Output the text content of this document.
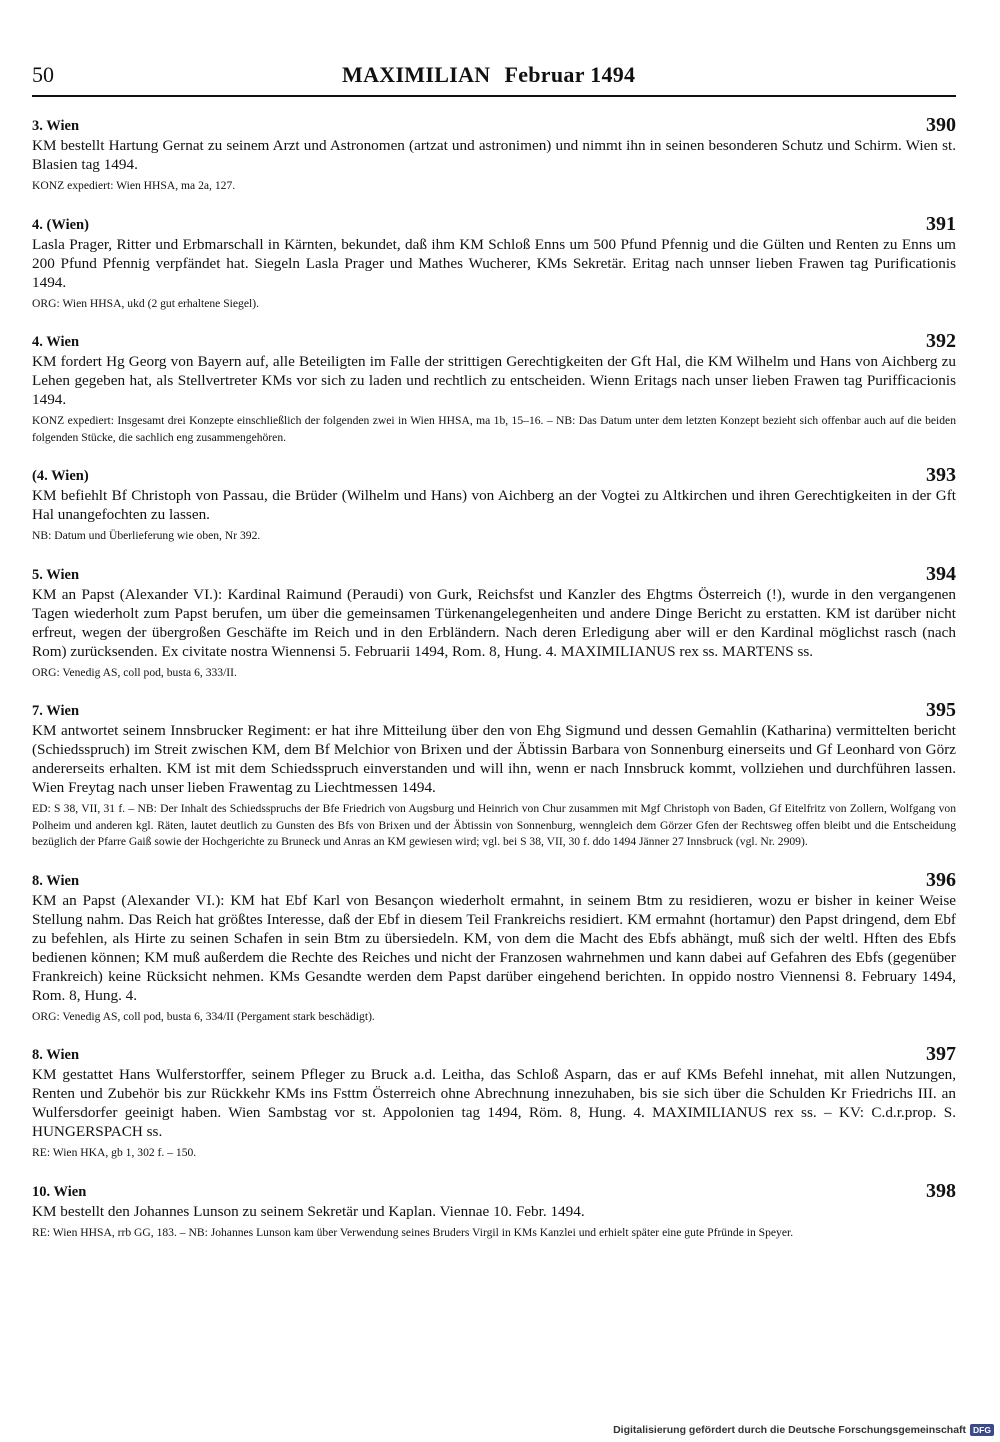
50	MAXIMILIAN Februar 1494
3. Wien	390

KM bestellt Hartung Gernat zu seinem Arzt und Astronomen (artzat und astronimen) und nimmt ihn in seinen besonderen Schutz und Schirm. Wien st. Blasien tag 1494.

KONZ expediert: Wien HHSA, ma 2a, 127.

4. (Wien)	391

Lasla Prager, Ritter und Erbmarschall in Kärnten, bekundet, daß ihm KM Schloß Enns um 500 Pfund Pfennig und die Gülten und Renten zu Enns um 200 Pfund Pfennig verpfändet hat. Siegeln Lasla Prager und Mathes Wucherer, KMs Sekretär. Eritag nach unnser lieben Frawen tag Purificationis 1494.

ORG: Wien HHSA, ukd (2 gut erhaltene Siegel).

4. Wien	392

KM fordert Hg Georg von Bayern auf, alle Beteiligten im Falle der strittigen Gerechtigkeiten der Gft Hal, die KM Wilhelm und Hans von Aichberg zu Lehen gegeben hat, als Stellvertreter KMs vor sich zu laden und rechtlich zu entscheiden. Wienn Eritags nach unser lieben Frawen tag Purifficacionis 1494.

KONZ expediert: Insgesamt drei Konzepte einschließlich der folgenden zwei in Wien HHSA, ma 1b, 15–16. – NB: Das Datum unter dem letzten Konzept bezieht sich offenbar auch auf die beiden folgenden Stücke, die sachlich eng zusammengehören.

(4. Wien)	393

KM befiehlt Bf Christoph von Passau, die Brüder (Wilhelm und Hans) von Aichberg an der Vogtei zu Altkirchen und ihren Gerechtigkeiten in der Gft Hal unangefochten zu lassen.

NB: Datum und Überlieferung wie oben, Nr 392.

5. Wien	394

KM an Papst (Alexander VI.): Kardinal Raimund (Peraudi) von Gurk, Reichsfst und Kanzler des Ehgtms Österreich (!), wurde in den vergangenen Tagen wiederholt zum Papst berufen, um über die gemeinsamen Türkenangelegenheiten und andere Dinge Bericht zu erstatten. KM ist darüber nicht erfreut, wegen der übergroßen Geschäfte im Reich und in den Erbländern. Nach deren Erledigung aber will er den Kardinal möglichst rasch (nach Rom) zurücksenden. Ex civitate nostra Wiennensi 5. Februarii 1494, Rom. 8, Hung. 4. MAXIMILIANUS rex ss. MARTENS ss.

ORG: Venedig AS, coll pod, busta 6, 333/II.

7. Wien	395

KM antwortet seinem Innsbrucker Regiment: er hat ihre Mitteilung über den von Ehg Sigmund und dessen Gemahlin (Katharina) vermittelten bericht (Schiedsspruch) im Streit zwischen KM, dem Bf Melchior von Brixen und der Äbtissin Barbara von Sonnenburg einerseits und Gf Leonhard von Görz andererseits erhalten. KM ist mit dem Schiedsspruch einverstanden und will ihn, wenn er nach Innsbruck kommt, vollziehen und durchführen lassen. Wien Freytag nach unser lieben Frawentag zu Liechtmessen 1494.

ED: S 38, VII, 31 f. – NB: Der Inhalt des Schiedsspruchs der Bfe Friedrich von Augsburg und Heinrich von Chur zusammen mit Mgf Christoph von Baden, Gf Eitelfritz von Zollern, Wolfgang von Polheim und anderen kgl. Räten, lautet deutlich zu Gunsten des Bfs von Brixen und der Äbtissin von Sonnenburg, wenngleich dem Görzer Gfen der Rechtsweg offen bleibt und die Entscheidung bezüglich der Pfarre Gaiß sowie der Hochgerichte zu Bruneck und Anras an KM gewiesen wird; vgl. bei S 38, VII, 30 f. ddo 1494 Jänner 27 Innsbruck (vgl. Nr. 2909).

8. Wien	396

KM an Papst (Alexander VI.): KM hat Ebf Karl von Besançon wiederholt ermahnt, in seinem Btm zu residieren, wozu er bisher in keiner Weise Stellung nahm. Das Reich hat größtes Interesse, daß der Ebf in diesem Teil Frankreichs residiert. KM ermahnt (hortamur) den Papst dringend, dem Ebf zu befehlen, als Hirte zu seinen Schafen in sein Btm zu übersiedeln. KM, von dem die Macht des Ebfs abhängt, muß sich der weltl. Hften des Ebfs bedienen können; KM muß außerdem die Rechte des Reiches und nicht der Franzosen wahrnehmen und kann dabei auf Gefahren des Ebfs (gegenüber Frankreich) keine Rücksicht nehmen. KMs Gesandte werden dem Papst darüber eingehend berichten. In oppido nostro Viennensi 8. February 1494, Rom. 8, Hung. 4.

ORG: Venedig AS, coll pod, busta 6, 334/II (Pergament stark beschädigt).

8. Wien	397

KM gestattet Hans Wulferstorffer, seinem Pfleger zu Bruck a.d. Leitha, das Schloß Asparn, das er auf KMs Befehl innehat, mit allen Nutzungen, Renten und Zubehör bis zur Rückkehr KMs ins Fsttm Österreich ohne Abrechnung innezuhaben, bis sie sich über die Schulden Kr Friedrichs III. an Wulfersdorfer geeinigt haben. Wien Sambstag vor st. Appolonien tag 1494, Röm. 8, Hung. 4. MAXIMILIANUS rex ss. – KV: C.d.r.prop. S. HUNGERSPACH ss.

RE: Wien HKA, gb 1, 302 f. – 150.

10. Wien	398

KM bestellt den Johannes Lunson zu seinem Sekretär und Kaplan. Viennae 10. Febr. 1494.

RE: Wien HHSA, rrb GG, 183. – NB: Johannes Lunson kam über Verwendung seines Bruders Virgil in KMs Kanzlei und erhielt später eine gute Pfründe in Speyer.

Digitalisierung gefördert durch die Deutsche Forschungsgemeinschaft DFG
